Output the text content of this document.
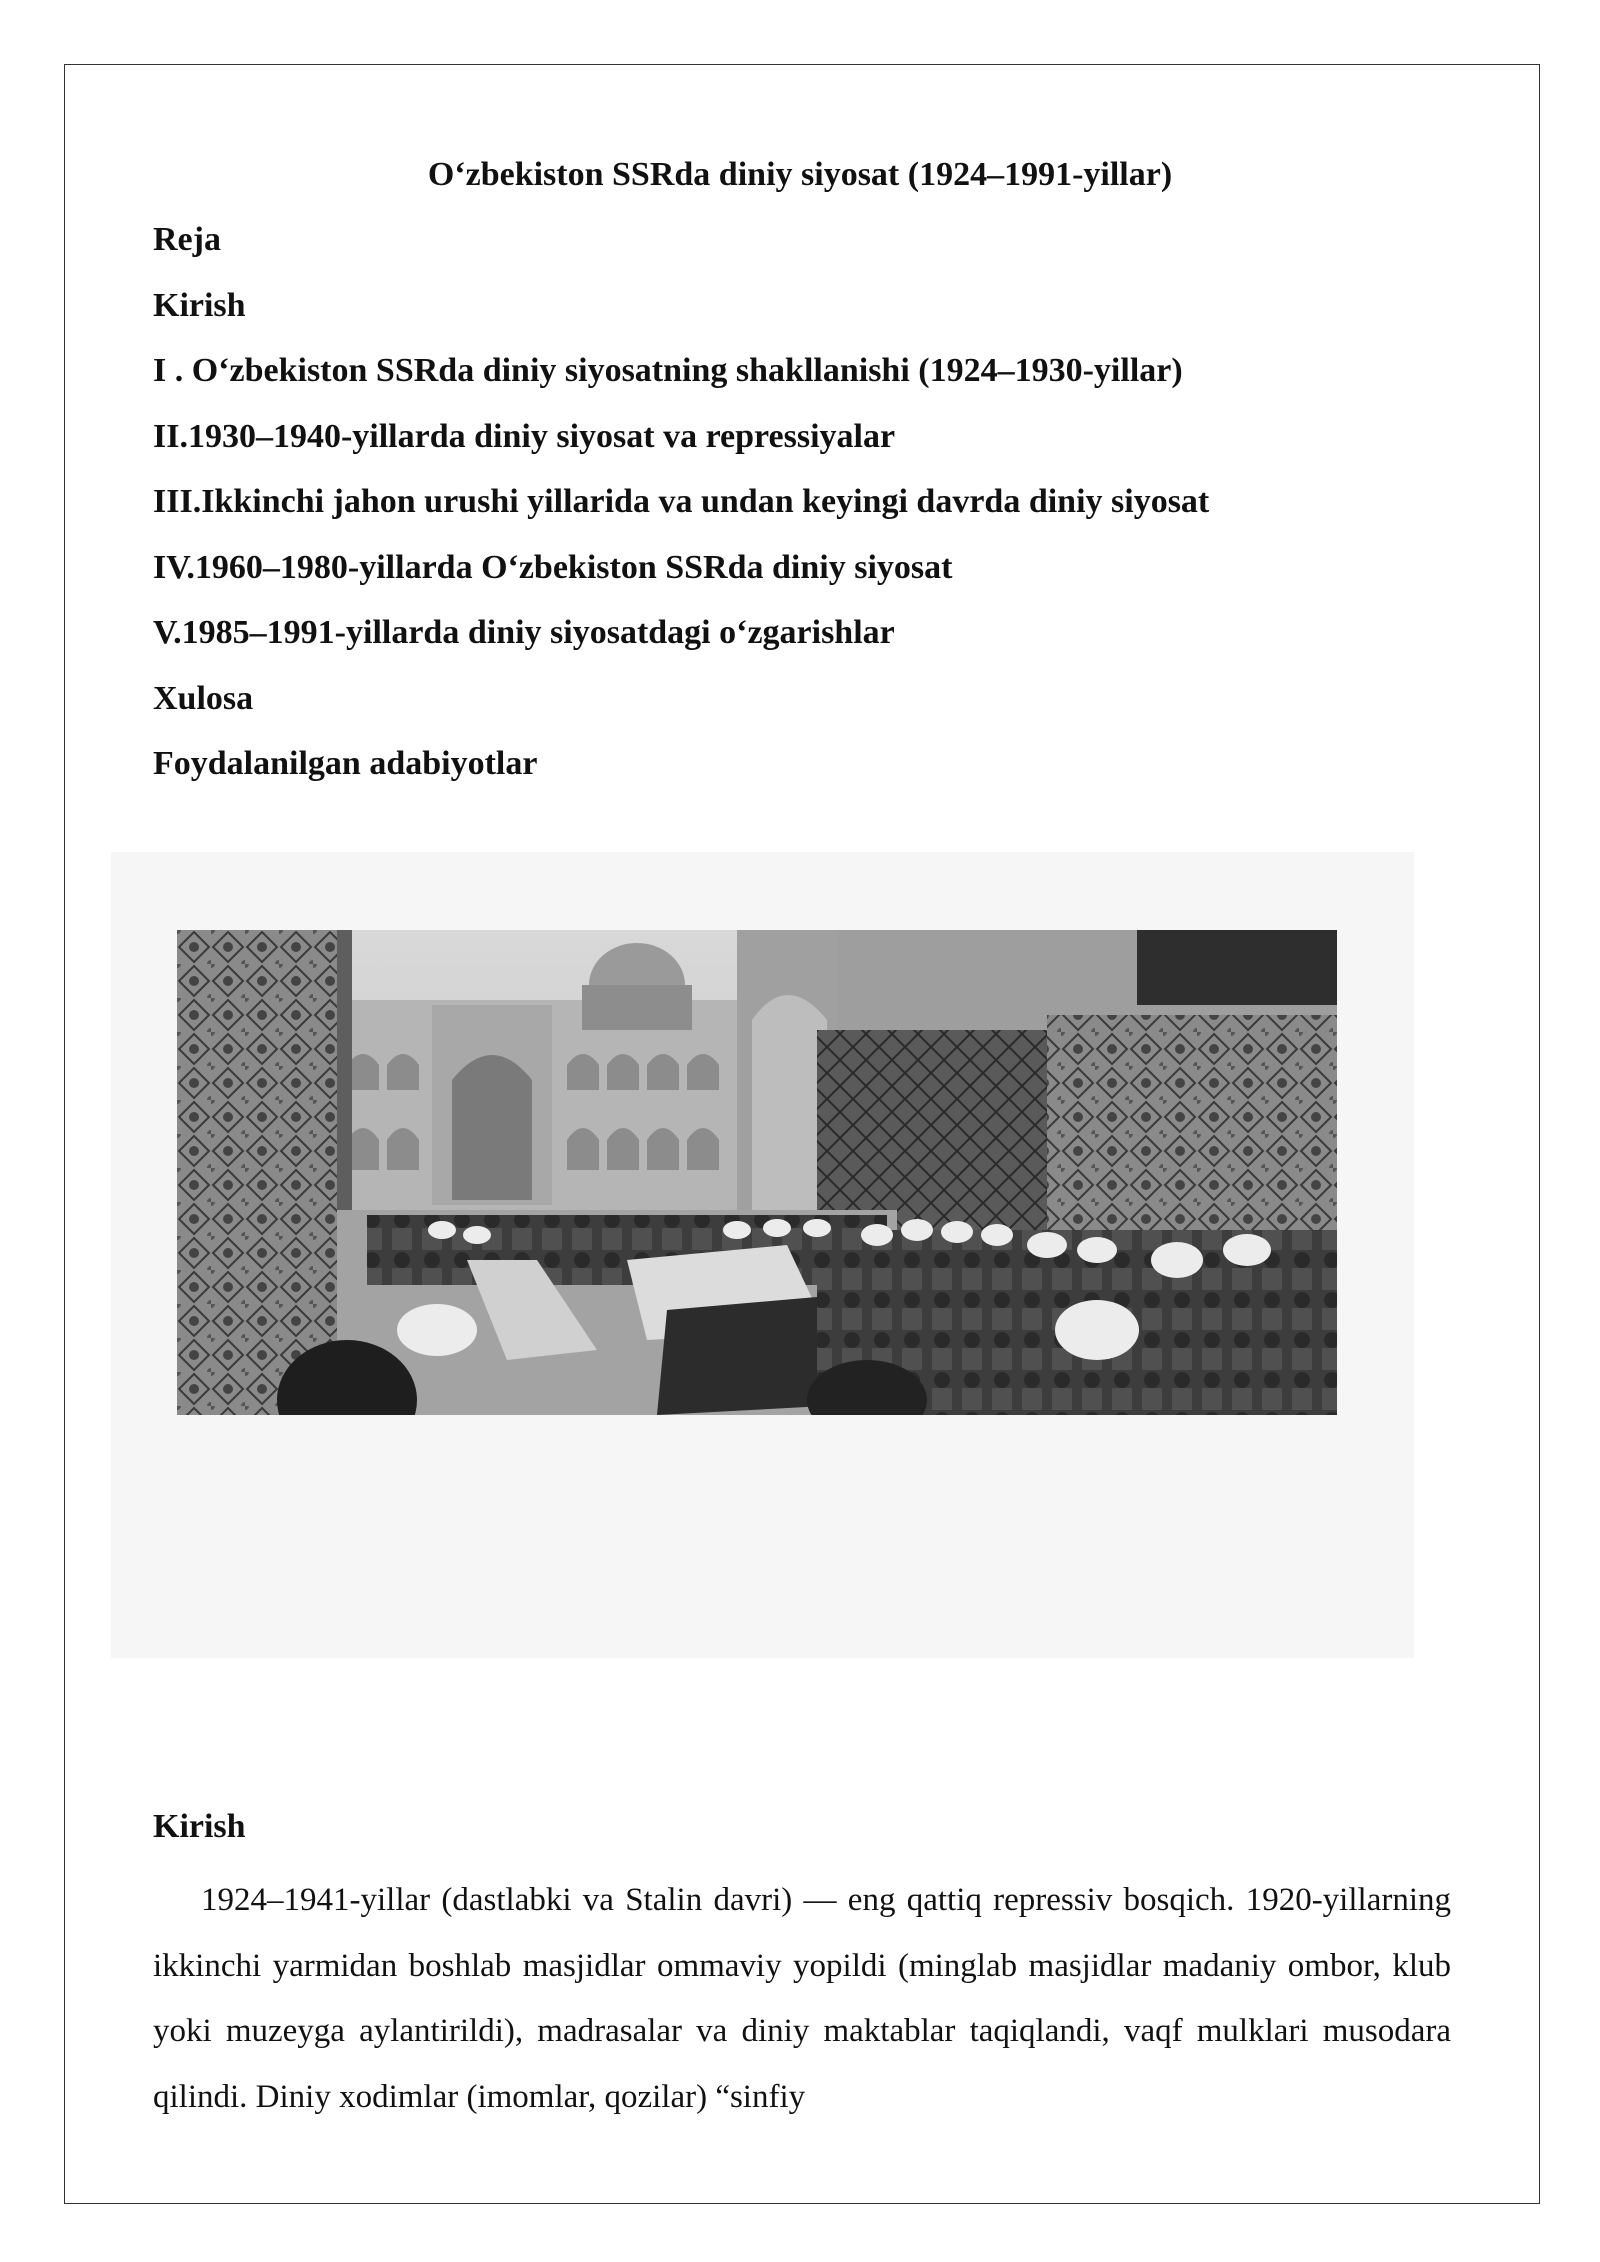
O‘zbekiston SSRda diniy siyosat (1924–1991-yillar)
Reja
Kirish
I . O‘zbekiston SSRda diniy siyosatning shakllanishi (1924–1930-yillar)
II.1930–1940-yillarda diniy siyosat va repressiyalar
III.Ikkinchi jahon urushi yillarida va undan keyingi davrda diniy siyosat
IV.1960–1980-yillarda O‘zbekiston SSRda diniy siyosat
V.1985–1991-yillarda diniy siyosatdagi o‘zgarishlar
Xulosa
Foydalanilgan adabiyotlar
Kirish

1924–1941-yillar (dastlabki va Stalin davri) — eng qattiq repressiv bosqich. 1920-yillarning ikkinchi yarmidan boshlab masjidlar ommaviy yopildi (minglab masjidlar madaniy ombor, klub yoki muzeyga aylantirildi), madrasalar va diniy maktablar taqiqlandi, vaqf mulklari musodara qilindi. Diniy xodimlar (imomlar, qozilar) “sinfiy
